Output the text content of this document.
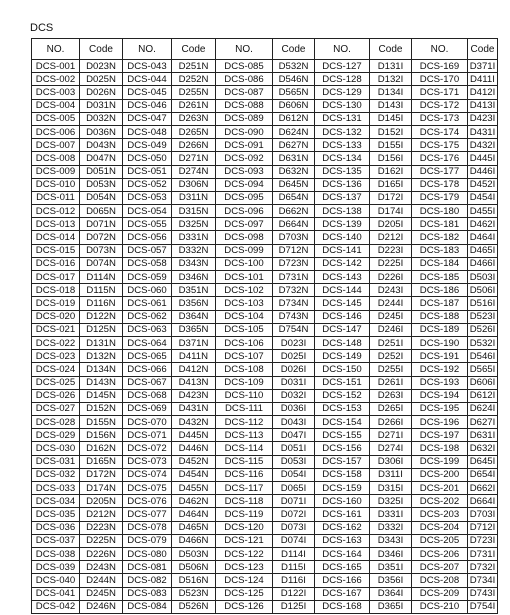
DCS
NO.	Code	NO.	Code	NO.	Code	NO.	Code	NO.	Code
DCS-001	D023N	DCS-043	D251N	DCS-085	D532N	DCS-127	D131I	DCS-169	D371I
DCS-002	D025N	DCS-044	D252N	DCS-086	D546N	DCS-128	D132I	DCS-170	D411I
DCS-003	D026N	DCS-045	D255N	DCS-087	D565N	DCS-129	D134I	DCS-171	D412I
DCS-004	D031N	DCS-046	D261N	DCS-088	D606N	DCS-130	D143I	DCS-172	D413I
DCS-005	D032N	DCS-047	D263N	DCS-089	D612N	DCS-131	D145I	DCS-173	D423I
DCS-006	D036N	DCS-048	D265N	DCS-090	D624N	DCS-132	D152I	DCS-174	D431I
DCS-007	D043N	DCS-049	D266N	DCS-091	D627N	DCS-133	D155I	DCS-175	D432I
DCS-008	D047N	DCS-050	D271N	DCS-092	D631N	DCS-134	D156I	DCS-176	D445I
DCS-009	D051N	DCS-051	D274N	DCS-093	D632N	DCS-135	D162I	DCS-177	D446I
DCS-010	D053N	DCS-052	D306N	DCS-094	D645N	DCS-136	D165I	DCS-178	D452I
DCS-011	D054N	DCS-053	D311N	DCS-095	D654N	DCS-137	D172I	DCS-179	D454I
DCS-012	D065N	DCS-054	D315N	DCS-096	D662N	DCS-138	D174I	DCS-180	D455I
DCS-013	D071N	DCS-055	D325N	DCS-097	D664N	DCS-139	D205I	DCS-181	D462I
DCS-014	D072N	DCS-056	D331N	DCS-098	D703N	DCS-140	D212I	DCS-182	D464I
DCS-015	D073N	DCS-057	D332N	DCS-099	D712N	DCS-141	D223I	DCS-183	D465I
DCS-016	D074N	DCS-058	D343N	DCS-100	D723N	DCS-142	D225I	DCS-184	D466I
DCS-017	D114N	DCS-059	D346N	DCS-101	D731N	DCS-143	D226I	DCS-185	D503I
DCS-018	D115N	DCS-060	D351N	DCS-102	D732N	DCS-144	D243I	DCS-186	D506I
DCS-019	D116N	DCS-061	D356N	DCS-103	D734N	DCS-145	D244I	DCS-187	D516I
DCS-020	D122N	DCS-062	D364N	DCS-104	D743N	DCS-146	D245I	DCS-188	D523I
DCS-021	D125N	DCS-063	D365N	DCS-105	D754N	DCS-147	D246I	DCS-189	D526I
DCS-022	D131N	DCS-064	D371N	DCS-106	D023I	DCS-148	D251I	DCS-190	D532I
DCS-023	D132N	DCS-065	D411N	DCS-107	D025I	DCS-149	D252I	DCS-191	D546I
DCS-024	D134N	DCS-066	D412N	DCS-108	D026I	DCS-150	D255I	DCS-192	D565I
DCS-025	D143N	DCS-067	D413N	DCS-109	D031I	DCS-151	D261I	DCS-193	D606I
DCS-026	D145N	DCS-068	D423N	DCS-110	D032I	DCS-152	D263I	DCS-194	D612I
DCS-027	D152N	DCS-069	D431N	DCS-111	D036I	DCS-153	D265I	DCS-195	D624I
DCS-028	D155N	DCS-070	D432N	DCS-112	D043I	DCS-154	D266I	DCS-196	D627I
DCS-029	D156N	DCS-071	D445N	DCS-113	D047I	DCS-155	D271I	DCS-197	D631I
DCS-030	D162N	DCS-072	D446N	DCS-114	D051I	DCS-156	D274I	DCS-198	D632I
DCS-031	D165N	DCS-073	D452N	DCS-115	D053I	DCS-157	D306I	DCS-199	D645I
DCS-032	D172N	DCS-074	D454N	DCS-116	D054I	DCS-158	D311I	DCS-200	D654I
DCS-033	D174N	DCS-075	D455N	DCS-117	D065I	DCS-159	D315I	DCS-201	D662I
DCS-034	D205N	DCS-076	D462N	DCS-118	D071I	DCS-160	D325I	DCS-202	D664I
DCS-035	D212N	DCS-077	D464N	DCS-119	D072I	DCS-161	D331I	DCS-203	D703I
DCS-036	D223N	DCS-078	D465N	DCS-120	D073I	DCS-162	D332I	DCS-204	D712I
DCS-037	D225N	DCS-079	D466N	DCS-121	D074I	DCS-163	D343I	DCS-205	D723I
DCS-038	D226N	DCS-080	D503N	DCS-122	D114I	DCS-164	D346I	DCS-206	D731I
DCS-039	D243N	DCS-081	D506N	DCS-123	D115I	DCS-165	D351I	DCS-207	D732I
DCS-040	D244N	DCS-082	D516N	DCS-124	D116I	DCS-166	D356I	DCS-208	D734I
DCS-041	D245N	DCS-083	D523N	DCS-125	D122I	DCS-167	D364I	DCS-209	D743I
DCS-042	D246N	DCS-084	D526N	DCS-126	D125I	DCS-168	D365I	DCS-210	D754I
